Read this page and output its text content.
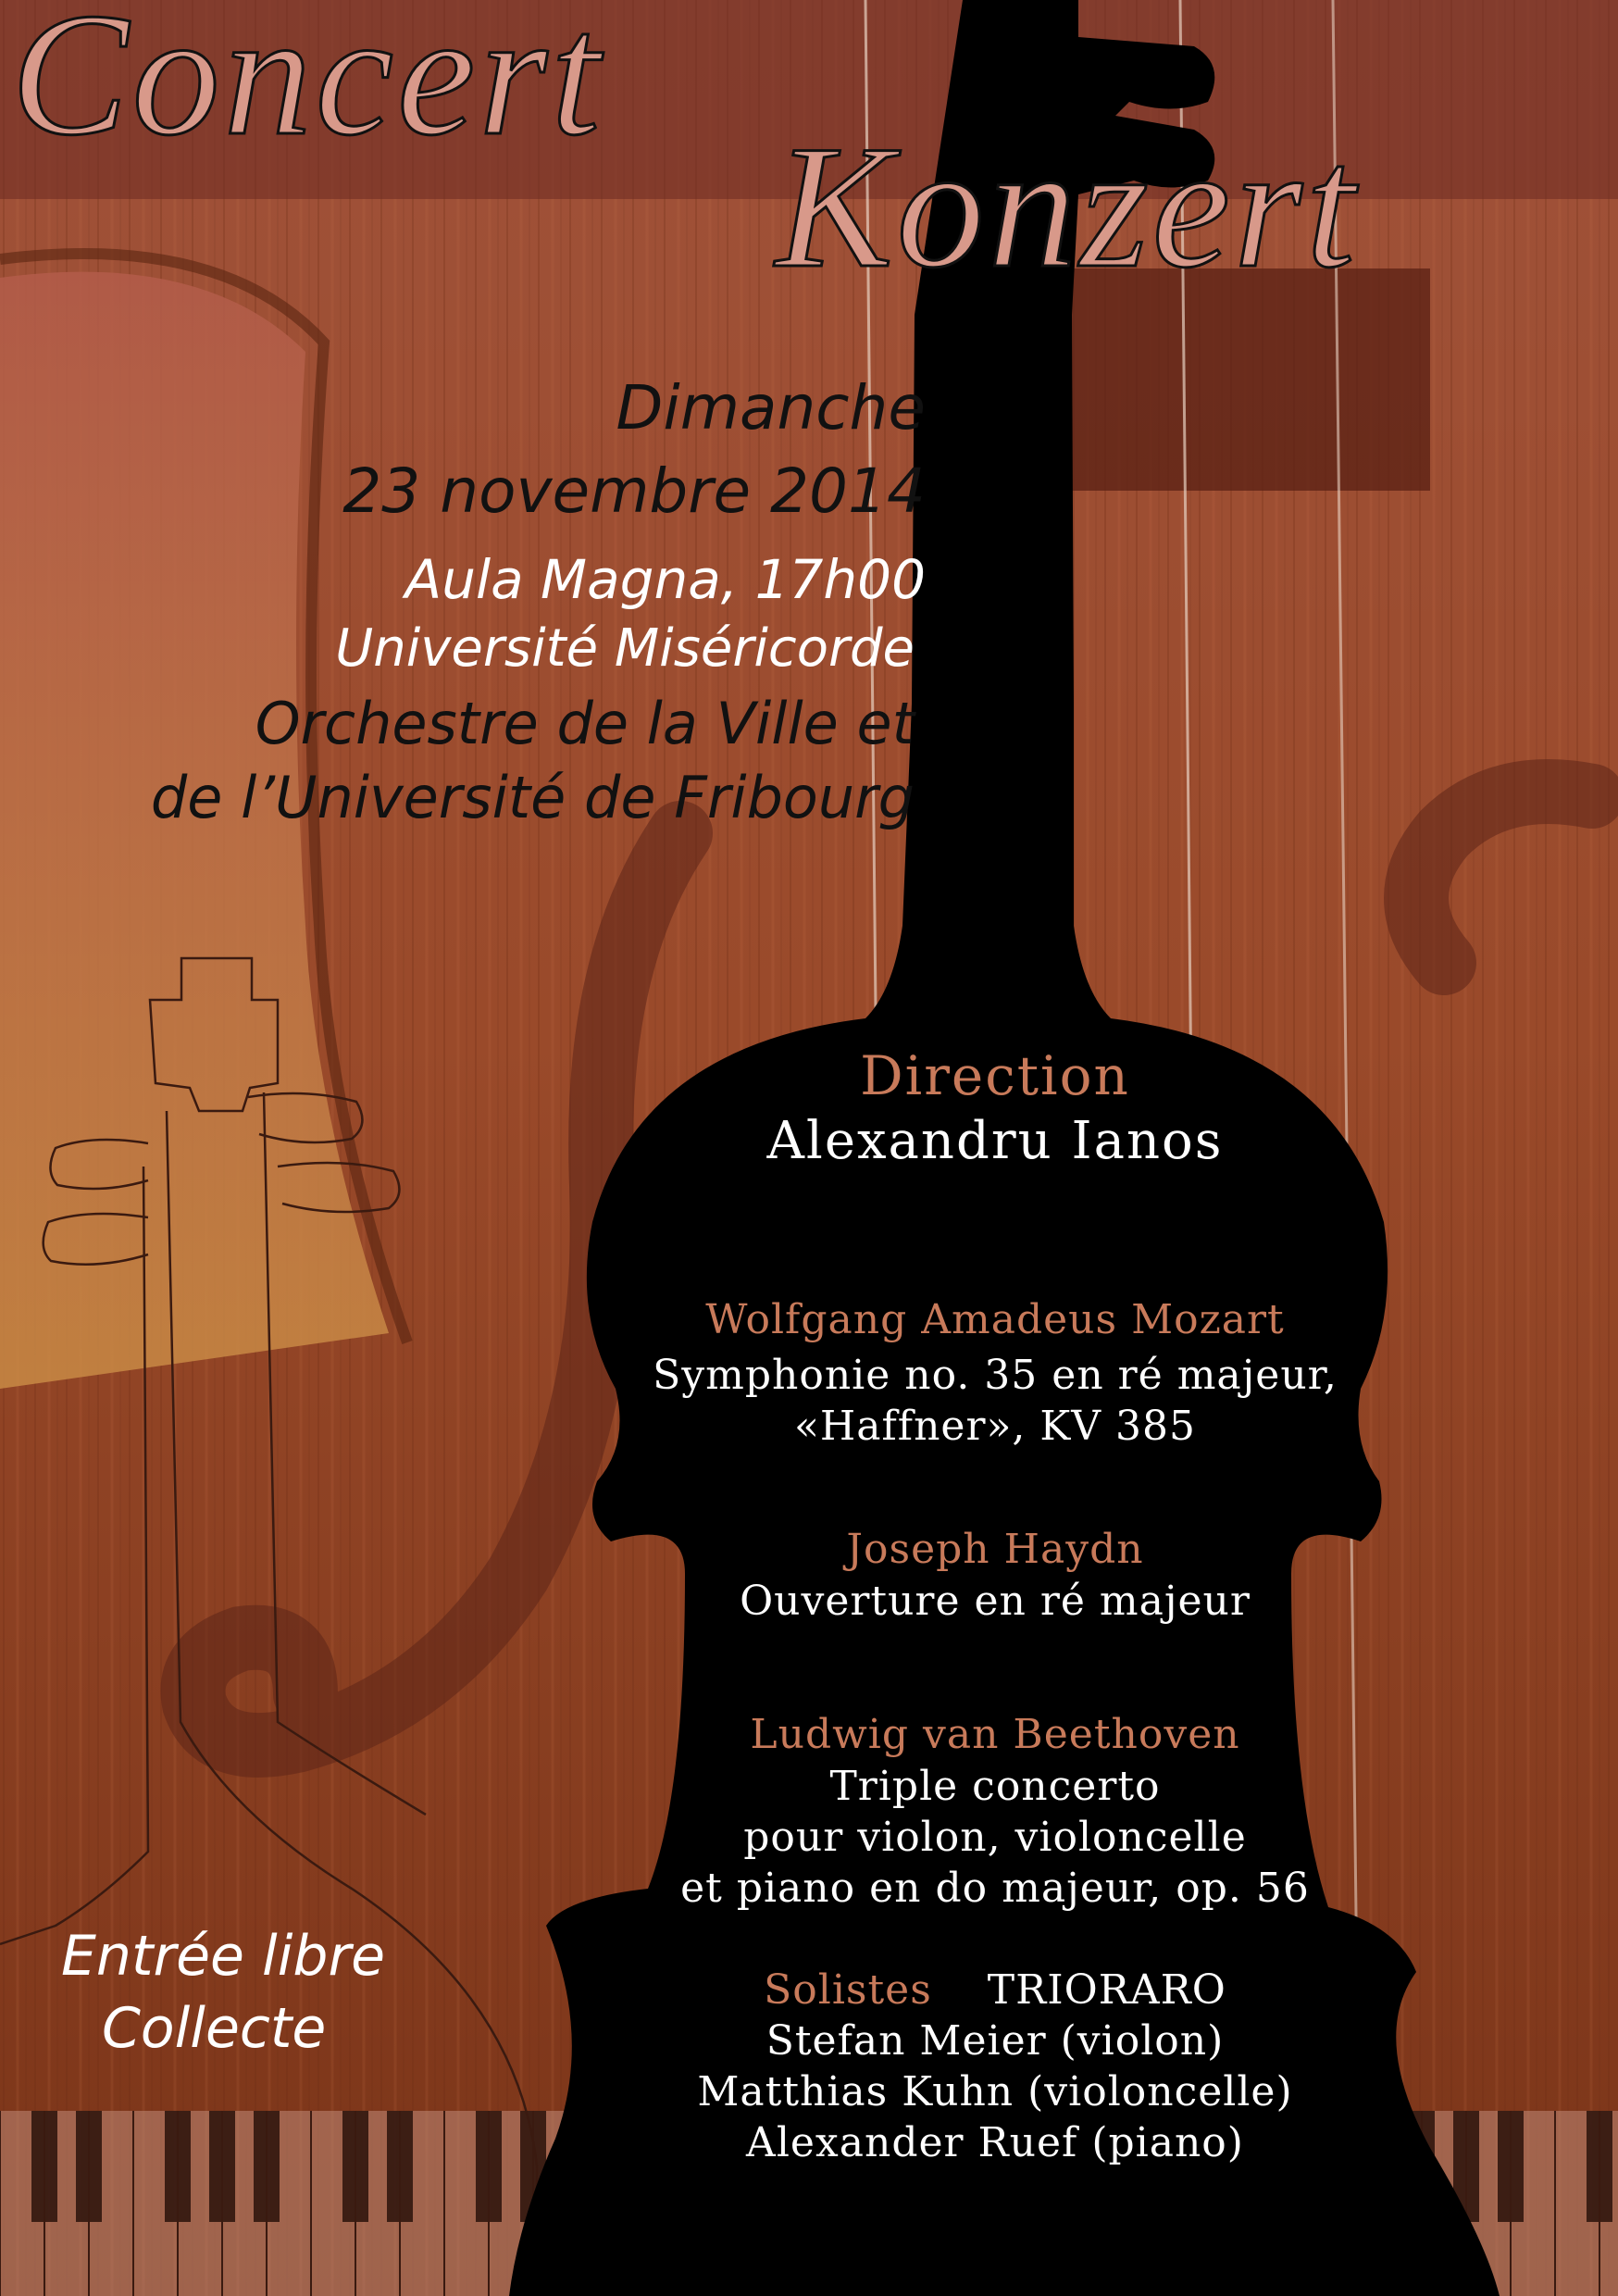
Concert
Konzert
Dimanche
23 novembre 2014
Aula Magna, 17h00
Université Miséricorde
Orchestre de la Ville et
de l’Université de Fribourg
Entrée libre
Collecte
Direction
Alexandru Ianos
Wolfgang Amadeus Mozart
Symphonie no. 35 en ré majeur,
«Haffner», KV 385
Joseph Haydn
Ouverture en ré majeur
Ludwig van Beethoven
Triple concerto
pour violon, violoncelle
et piano en do majeur, op. 56
Solistes TRIORARO
Stefan Meier (violon)
Matthias Kuhn (violoncelle)
Alexander Ruef (piano)
